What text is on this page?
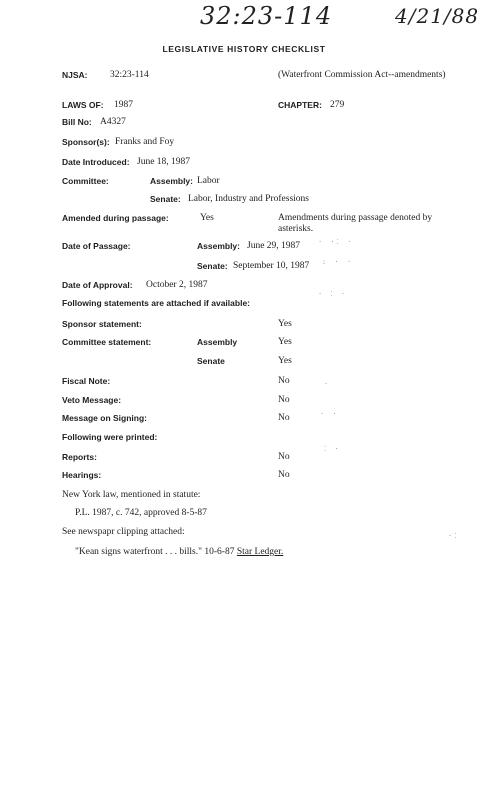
32:23-114	4/21/88
LEGISLATIVE HISTORY CHECKLIST
NJSA: 32:23-114	(Waterfront Commission Act--amendments)
LAWS OF: 1987	CHAPTER: 279
Bill No: A4327
Sponsor(s): Franks and Foy
Date Introduced: June 18, 1987
Committee:	Assembly: Labor
Senate: Labor, Industry and Professions
Amended during passage:	Yes	Amendments during passage denoted by asterisks.
Date of Passage:	Assembly: June 29, 1987
Senate: September 10, 1987
Date of Approval: October 2, 1987
Following statements are attached if available:
Sponsor statement:	Yes
Committee statement:	Assembly	Yes
Senate	Yes
Fiscal Note:	No
Veto Message:	No
Message on Signing:	No
Following were printed:
Reports:	No
Hearings:	No
New York law, mentioned in statute:
P.L. 1987, c. 742, approved 8-5-87
See newspapr clipping attached:
"Kean signs waterfront . . . bills." 10-6-87 Star Ledger.
· ·⁚ ·
: · ·
· ⁚ ·
·
· ·
⁚ ·
·⁚
